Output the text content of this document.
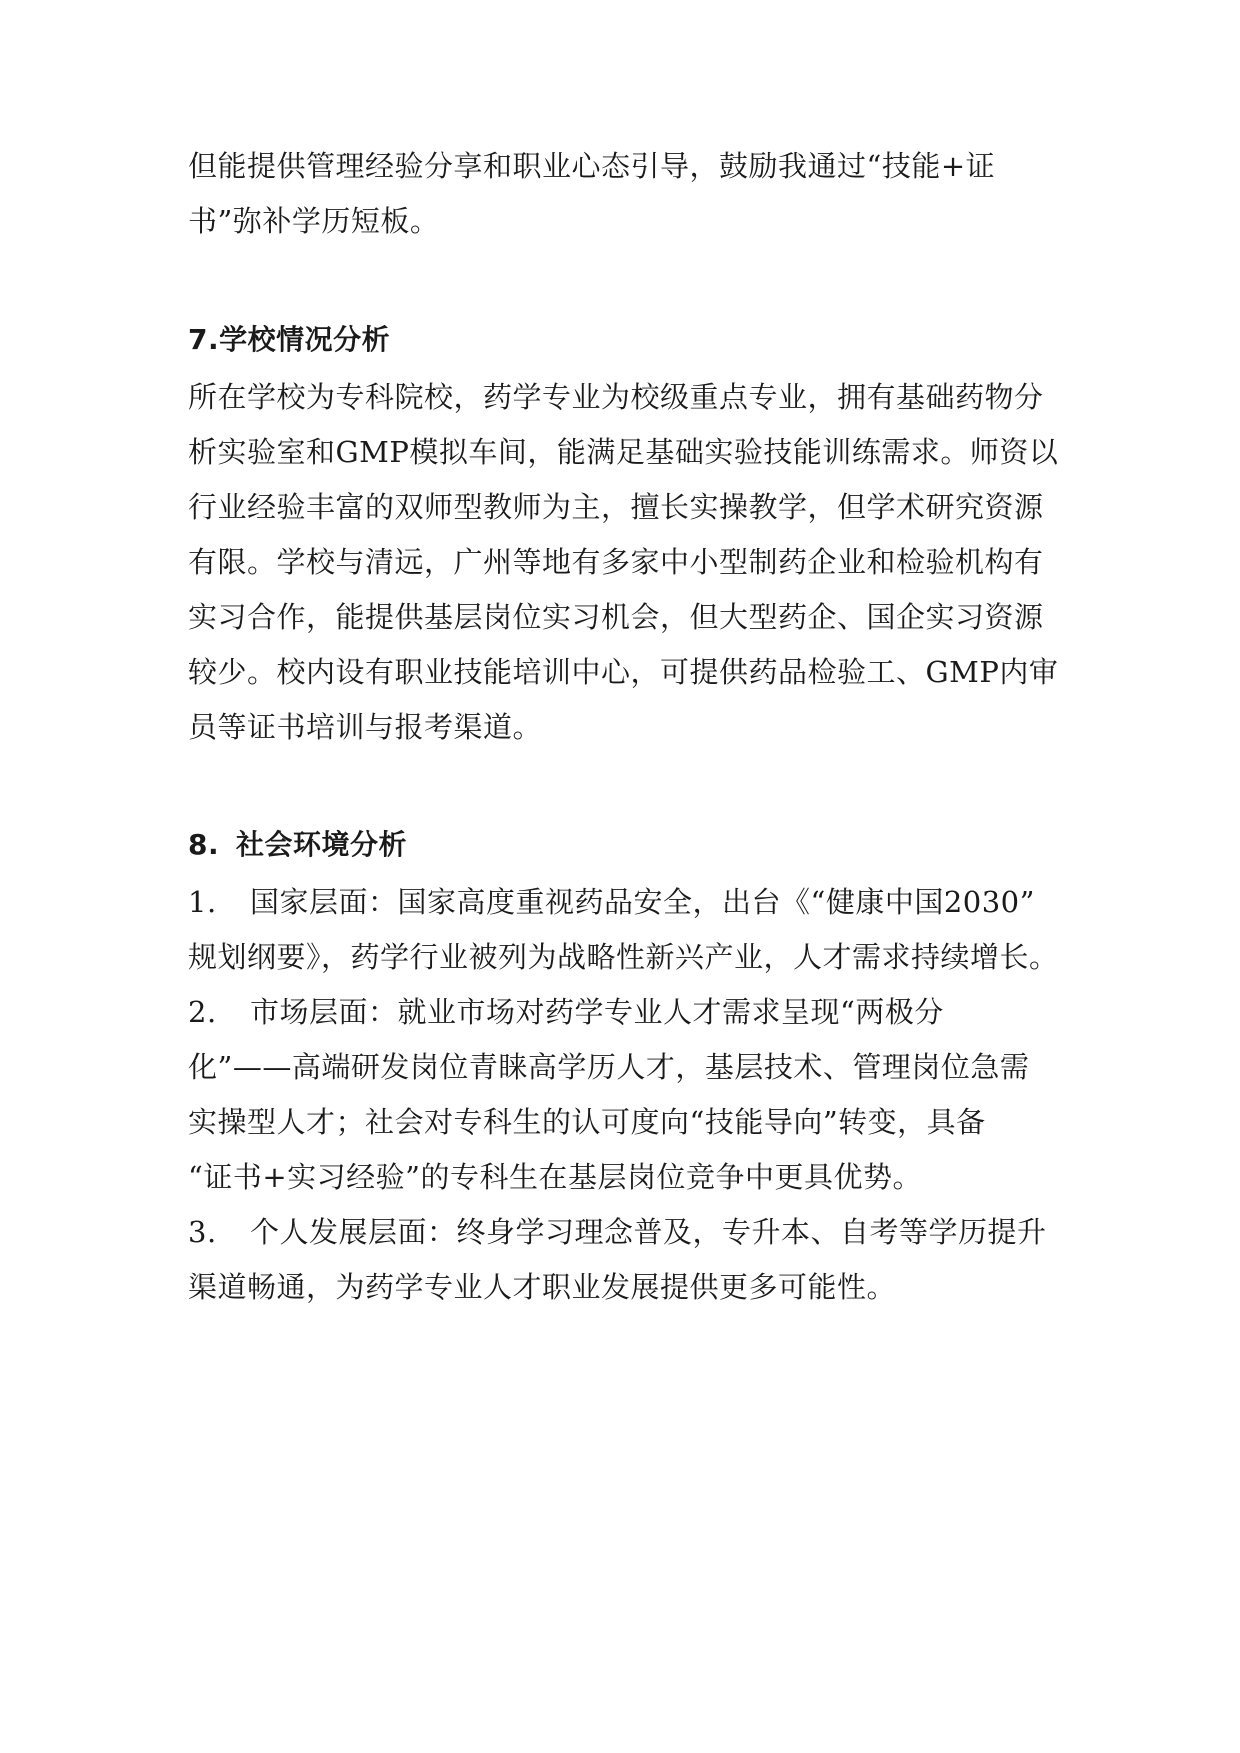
但能提供管理经验分享和职业心态引导，鼓励我通过“技能+证
书”弥补学历短板。
7.学校情况分析
所在学校为专科院校，药学专业为校级重点专业，拥有基础药物分
析实验室和GMP模拟车间，能满足基础实验技能训练需求。师资以
行业经验丰富的双师型教师为主，擅长实操教学，但学术研究资源
有限。学校与清远，广州等地有多家中小型制药企业和检验机构有
实习合作，能提供基层岗位实习机会，但大型药企、国企实习资源
较少。校内设有职业技能培训中心，可提供药品检验工、GMP内审
员等证书培训与报考渠道。
8. 社会环境分析
1. 国家层面：国家高度重视药品安全，出台《“健康中国2030”
规划纲要》，药学行业被列为战略性新兴产业，人才需求持续增长。
2. 市场层面：就业市场对药学专业人才需求呈现“两极分
化”——高端研发岗位青睐高学历人才，基层技术、管理岗位急需
实操型人才；社会对专科生的认可度向“技能导向”转变，具备
“证书+实习经验”的专科生在基层岗位竞争中更具优势。
3. 个人发展层面：终身学习理念普及，专升本、自考等学历提升
渠道畅通，为药学专业人才职业发展提供更多可能性。
